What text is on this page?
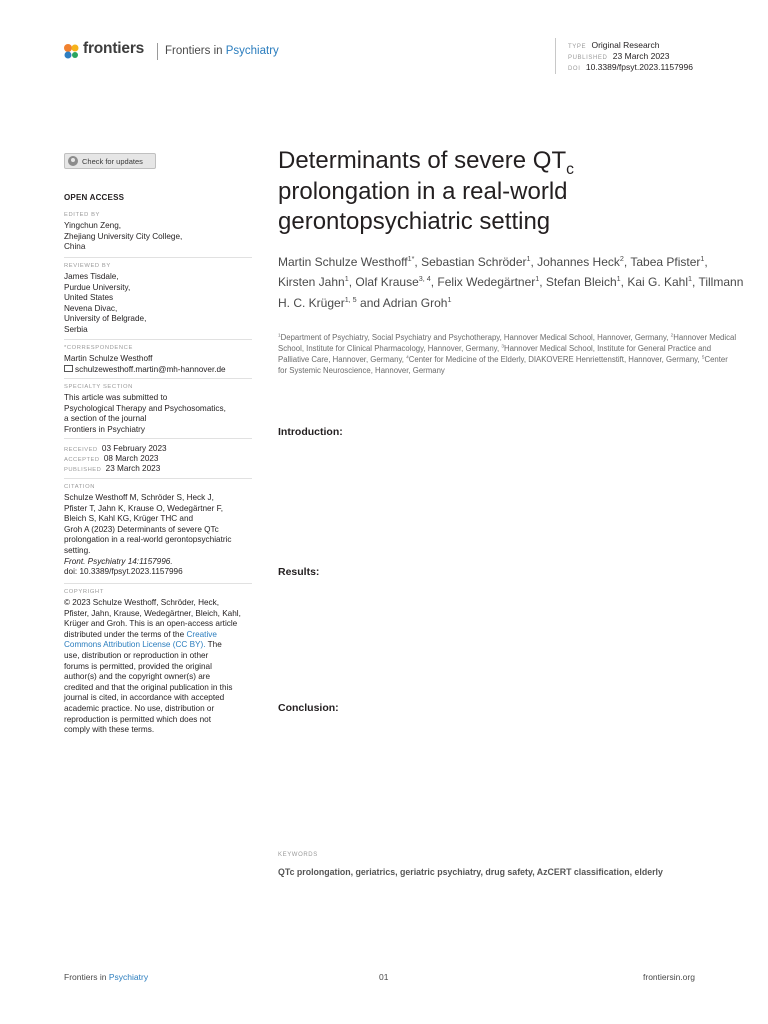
frontiers Frontiers in Psychiatry	TYPE Original Research
PUBLISHED 23 March 2023
DOI 10.3389/fpsyt.2023.1157996
Check for updates
OPEN ACCESS
EDITED BY
Yingchun Zeng,
Zhejiang University City College,
China
REVIEWED BY
James Tisdale,
Purdue University,
United States
Nevena Divac,
University of Belgrade,
Serbia
*CORRESPONDENCE
Martin Schulze Westhoff
schulzewesthoff.martin@mh-hannover.de
SPECIALTY SECTION
This article was submitted to
Psychological Therapy and Psychosomatics,
a section of the journal
Frontiers in Psychiatry
RECEIVED 03 February 2023
ACCEPTED 08 March 2023
PUBLISHED 23 March 2023
CITATION
Schulze Westhoff M, Schröder S, Heck J,
Pfister T, Jahn K, Krause O, Wedegärtner F,
Bleich S, Kahl KG, Krüger THC and
Groh A (2023) Determinants of severe QTc
prolongation in a real-world gerontopsychiatric
setting.
Front. Psychiatry 14:1157996.
doi: 10.3389/fpsyt.2023.1157996
COPYRIGHT
© 2023 Schulze Westhoff, Schröder, Heck,
Pfister, Jahn, Krause, Wedegärtner, Bleich, Kahl,
Krüger and Groh. This is an open-access article
distributed under the terms of the Creative
Commons Attribution License (CC BY). The
use, distribution or reproduction in other
forums is permitted, provided the original
author(s) and the copyright owner(s) are
credited and that the original publication in this
journal is cited, in accordance with accepted
academic practice. No use, distribution or
reproduction is permitted which does not
comply with these terms.
Determinants of severe $QT_c$
prolongation in a real-world
gerontopsychiatric setting
Martin Schulze Westhoff$^{1*}$, Sebastian Schröder$^1$, Johannes Heck$^2$, Tabea Pfister$^1$, Kirsten Jahn$^1$, Olaf Krause$^{3, 4}$, Felix Wedegärtner$^1$, Stefan Bleich$^1$, Kai G. Kahl$^1$, Tillmann H. C. Krüger$^{1, 5}$ and Adrian Groh$^1$
$^1$Department of Psychiatry, Social Psychiatry and Psychotherapy, Hannover Medical School, Hannover, Germany, $^2$Hannover Medical School, Institute for Clinical Pharmacology, Hannover, Germany, $^3$Hannover Medical School, Institute for General Practice and Palliative Care, Hannover, Germany, $^4$Center for Medicine of the Elderly, DIAKOVERE Henriettenstift, Hannover, Germany, $^5$Center for Systemic Neuroscience, Hannover, Germany

Introduction:

Results:

Conclusion:

KEYWORDS
QTc prolongation, geriatrics, geriatric psychiatry, drug safety, AzCERT classification, elderly
Frontiers in Psychiatry	01	frontiersin.org
